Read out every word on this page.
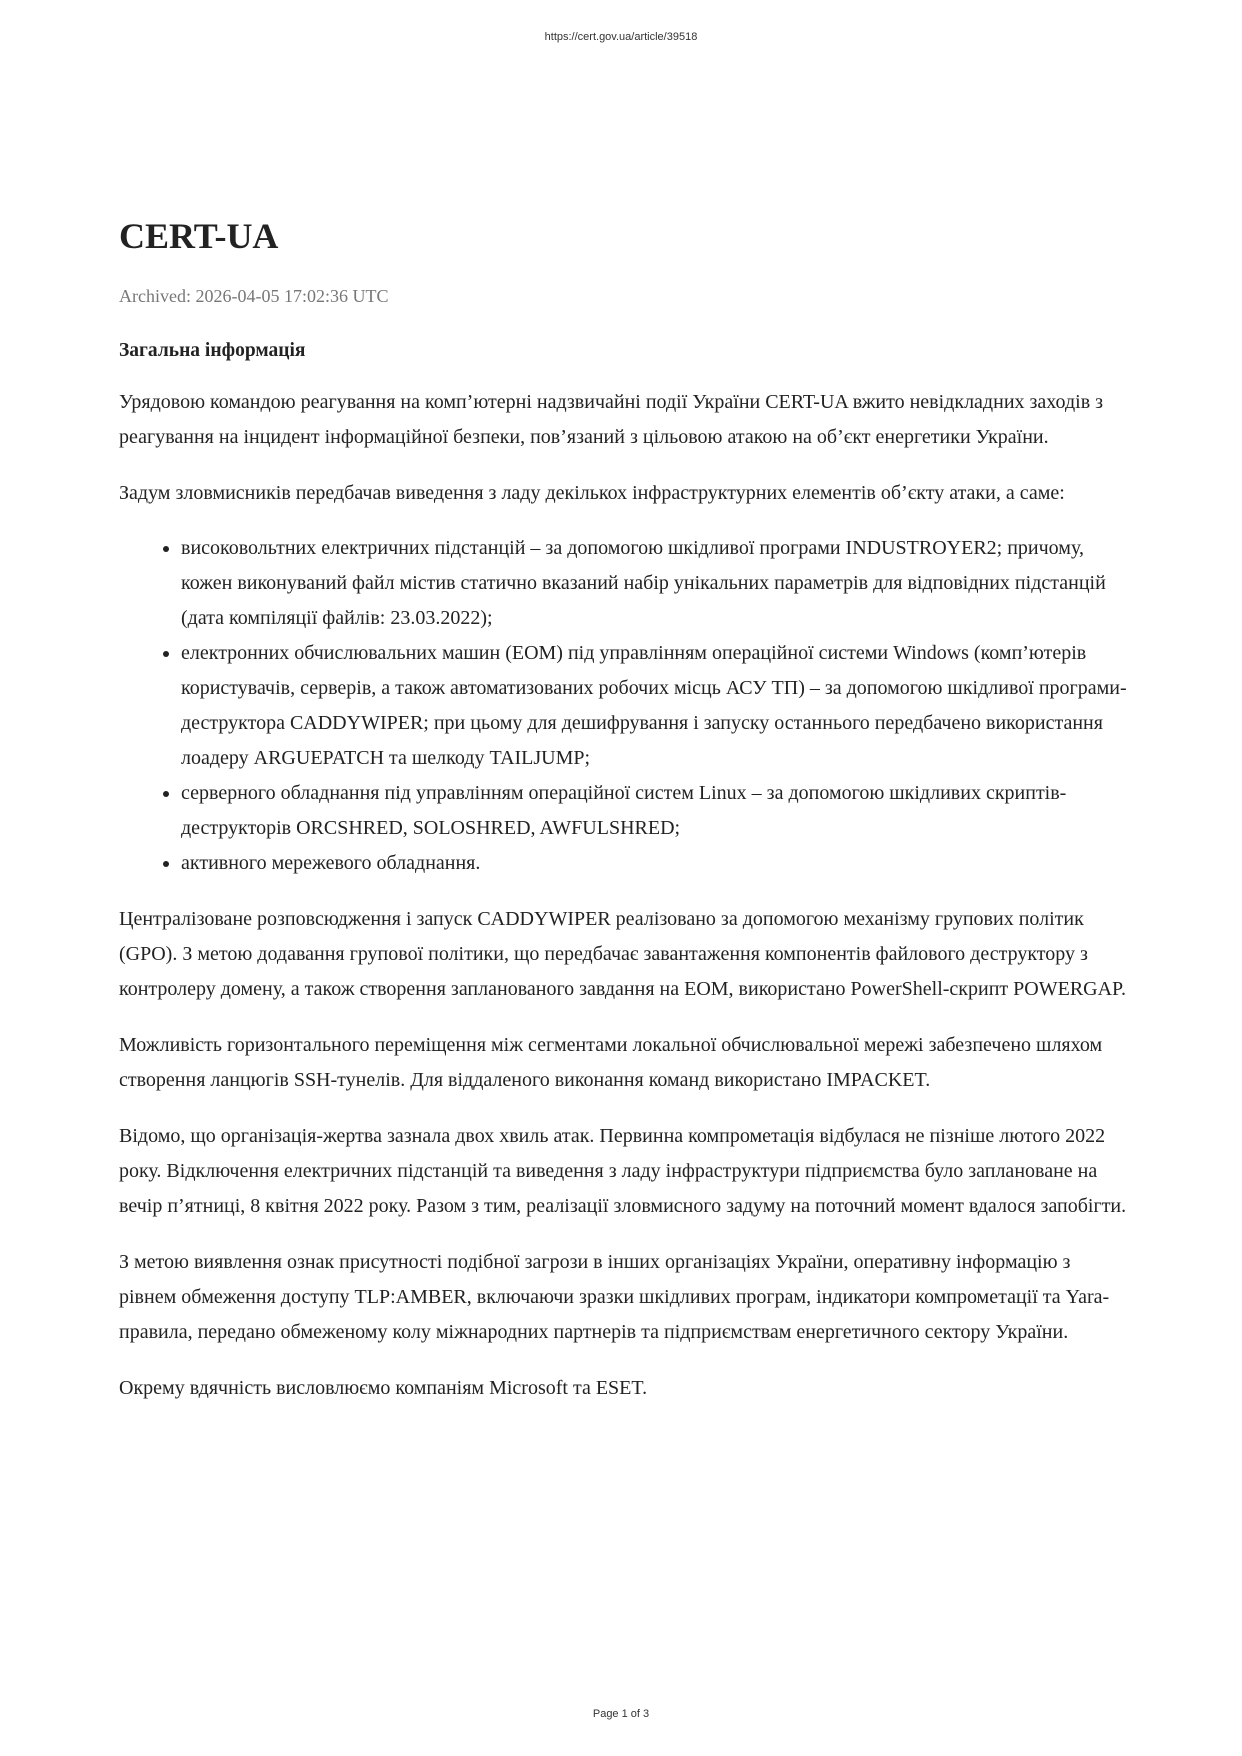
https://cert.gov.ua/article/39518
CERT-UA
Archived: 2026-04-05 17:02:36 UTC
Загальна інформація

Урядовою командою реагування на комп’ютерні надзвичайні події України CERT-UA вжито невідкладних заходів з реагування на інцидент інформаційної безпеки, пов’язаний з цільовою атакою на об’єкт енергетики України.

Задум зловмисників передбачав виведення з ладу декількох інфраструктурних елементів об’єкту атаки, а саме:

• високовольтних електричних підстанцій – за допомогою шкідливої програми INDUSTROYER2; причому, кожен виконуваний файл містив статично вказаний набір унікальних параметрів для відповідних підстанцій (дата компіляції файлів: 23.03.2022);
• електронних обчислювальних машин (ЕОМ) під управлінням операційної системи Windows (комп’ютерів користувачів, серверів, а також автоматизованих робочих місць АСУ ТП) – за допомогою шкідливої програми-деструктора CADDYWIPER; при цьому для дешифрування і запуску останнього передбачено використання лоадеру ARGUEPATCH та шелкоду TAILJUMP;
• серверного обладнання під управлінням операційної систем Linux – за допомогою шкідливих скриптів-деструкторів ORCSHRED, SOLOSHRED, AWFULSHRED;
• активного мережевого обладнання.

Централізоване розповсюдження і запуск CADDYWIPER реалізовано за допомогою механізму групових політик (GPO). З метою додавання групової політики, що передбачає завантаження компонентів файлового деструктору з контролеру домену, а також створення запланованого завдання на ЕОМ, використано PowerShell-скрипт POWERGAP.

Можливість горизонтального переміщення між сегментами локальної обчислювальної мережі забезпечено шляхом створення ланцюгів SSH-тунелів. Для віддаленого виконання команд використано IMPACKET.

Відомо, що організація-жертва зазнала двох хвиль атак. Первинна компрометація відбулася не пізніше лютого 2022 року. Відключення електричних підстанцій та виведення з ладу інфраструктури підприємства було заплановане на вечір п’ятниці, 8 квітня 2022 року. Разом з тим, реалізації зловмисного задуму на поточний момент вдалося запобігти.

З метою виявлення ознак присутності подібної загрози в інших організаціях України, оперативну інформацію з рівнем обмеження доступу TLP:AMBER, включаючи зразки шкідливих програм, індикатори компрометації та Yara-правила, передано обмеженому колу міжнародних партнерів та підприємствам енергетичного сектору України.

Окрему вдячність висловлюємо компаніям Microsoft та ESET.

Page 1 of 3
